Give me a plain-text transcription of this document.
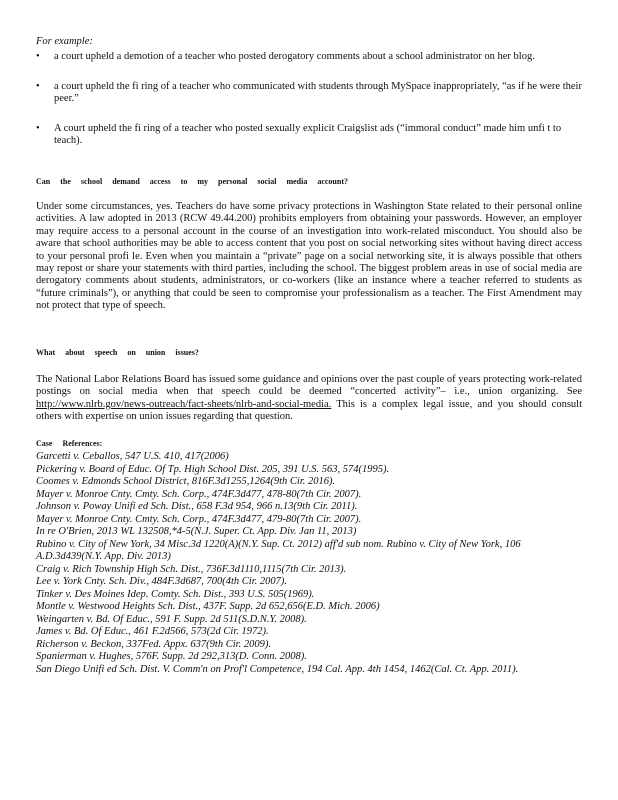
For example:
• a court upheld a demotion of a teacher who posted derogatory comments about a school administrator on her blog.
• a court upheld the fi ring of a teacher who communicated with students through MySpace inappropriately, “as if he were their peer.”
• A court upheld the fi ring of a teacher who posted sexually explicit Craigslist ads (“immoral conduct” made him unfi t to teach).
Can the school demand access to my personal social media account?

Under some circumstances, yes. Teachers do have some privacy protections in Washington State related to their personal online activities. A law adopted in 2013 (RCW 49.44.200) prohibits employers from obtaining your passwords. However, an employer may require access to a personal account in the course of an investigation into work-related misconduct. You should also be aware that school authorities may be able to access content that you post on social networking sites without having direct access to your personal profi le. Even when you maintain a “private” page on a social networking site, it is always possible that others may repost or share your statements with third parties, including the school. The biggest problem areas in use of social media are derogatory comments about students, administrators, or co-workers (like an instance where a teacher referred to students as “future criminals”), or anything that could be seen to compromise your professionalism as a teacher. The First Amendment may not protect that type of speech.

What about speech on union issues?

The National Labor Relations Board has issued some guidance and opinions over the past couple of years protecting work-related postings on social media when that speech could be deemed “concerted activity”– i.e., union organizing. See http://www.nlrb.gov/news-outreach/fact-sheets/nlrb-and-social-media. This is a complex legal issue, and you should consult others with expertise on union issues regarding that question.

Case References:
Garcetti v. Ceballos, 547 U.S. 410, 417(2006)
Pickering v. Board of Educ. Of Tp. High School Dist. 205, 391 U.S. 563, 574(1995).
Coomes v. Edmonds School District, 816F.3d1255,1264(9th Cir. 2016).
Mayer v. Monroe Cnty. Cmty. Sch. Corp., 474F.3d477, 478-80(7th Cir. 2007).
Johnson v. Poway Unifi ed Sch. Dist., 658 F.3d 954, 966 n.13(9th Cir. 2011).
Mayer v. Monroe Cnty. Cmty. Sch. Corp., 474F.3d477, 479-80(7th Cir. 2007).
In re O'Brien, 2013 WL 132508,*4-5(N.J. Super. Ct. App. Div. Jan 11, 2013)
Rubino v. City of New York, 34 Misc.3d 1220(A)(N.Y. Sup. Ct. 2012) aff'd sub nom. Rubino v. City of New York, 106 A.D.3d439(N.Y. App. Div. 2013)
Craig v. Rich Township High Sch. Dist., 736F.3d1110,1115(7th Cir. 2013).
Lee v. York Cnty. Sch. Div., 484F.3d687, 700(4th Cir. 2007).
Tinker v. Des Moines Idep. Comty. Sch. Dist., 393 U.S. 505(1969).
Montle v. Westwood Heights Sch. Dist., 437F. Supp. 2d 652,656(E.D. Mich. 2006)
Weingarten v. Bd. Of Educ., 591 F. Supp. 2d 511(S.D.N.Y. 2008).
James v. Bd. Of Educ., 461 F.2d566, 573(2d Cir. 1972).
Richerson v. Beckon, 337Fed. Appx. 637(9th Cir. 2009).
Spanierman v. Hughes, 576F. Supp. 2d 292,313(D. Conn. 2008).
San Diego Unifi ed Sch. Dist. V. Comm'n on Prof'l Competence, 194 Cal. App. 4th 1454, 1462(Cal. Ct. App. 2011).
